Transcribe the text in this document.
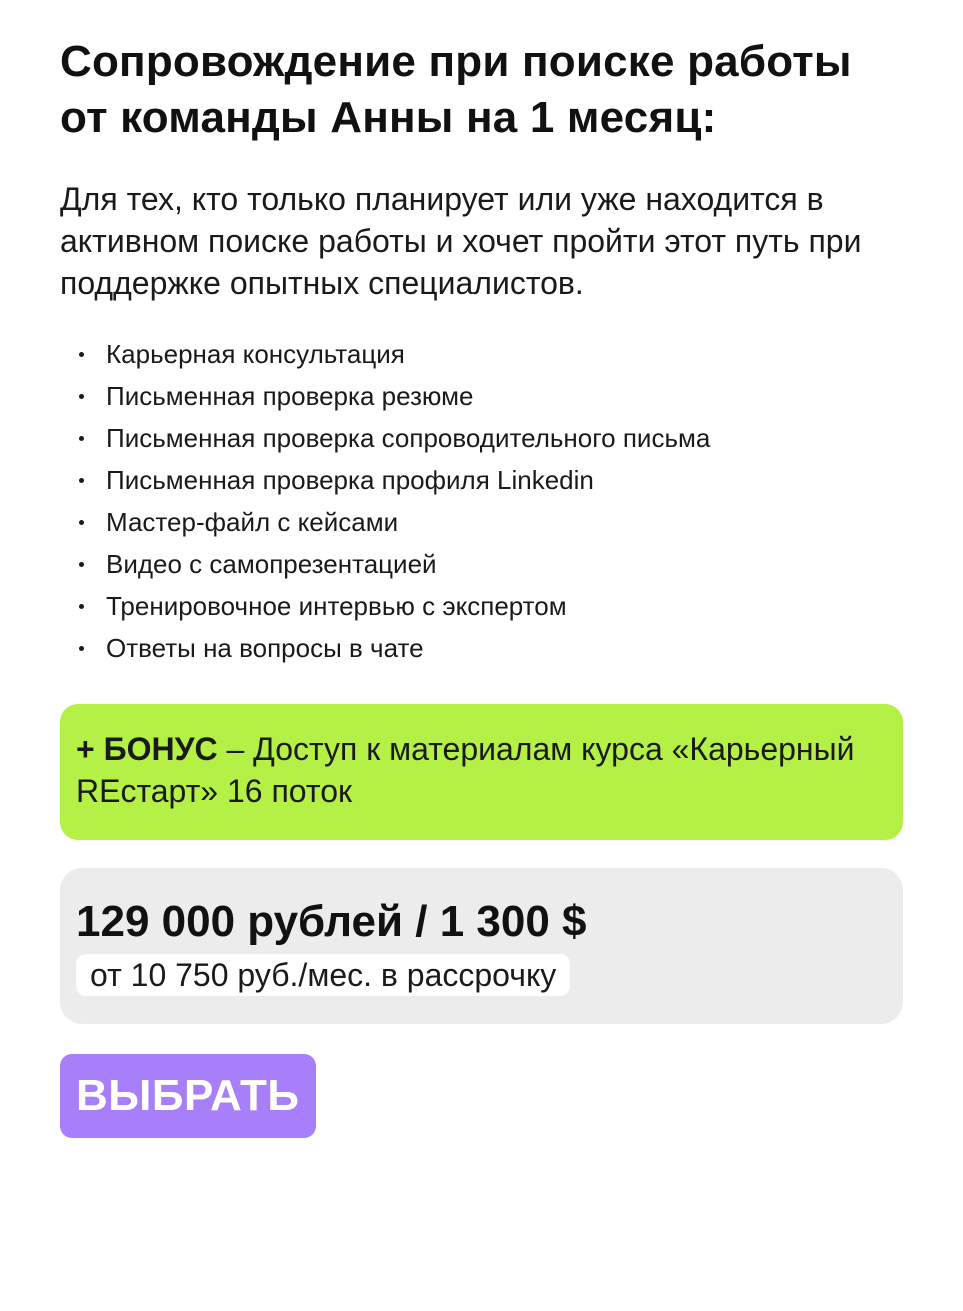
Сопровождение при поиске работы от команды Анны на 1 месяц:

Для тех, кто только планирует или уже находится в активном поиске работы и хочет пройти этот путь при поддержке опытных специалистов.

Карьерная консультация
Письменная проверка резюме
Письменная проверка сопроводительного письма
Письменная проверка профиля Linkedin
Мастер-файл с кейсами
Видео с самопрезентацией
Тренировочное интервью с экспертом
Ответы на вопросы в чате
+ БОНУС – Доступ к материалам курса «Карьерный REстарт» 16 поток
129 000 рублей / 1 300 $
от 10 750 руб./мес. в рассрочку
ВЫБРАТЬ
